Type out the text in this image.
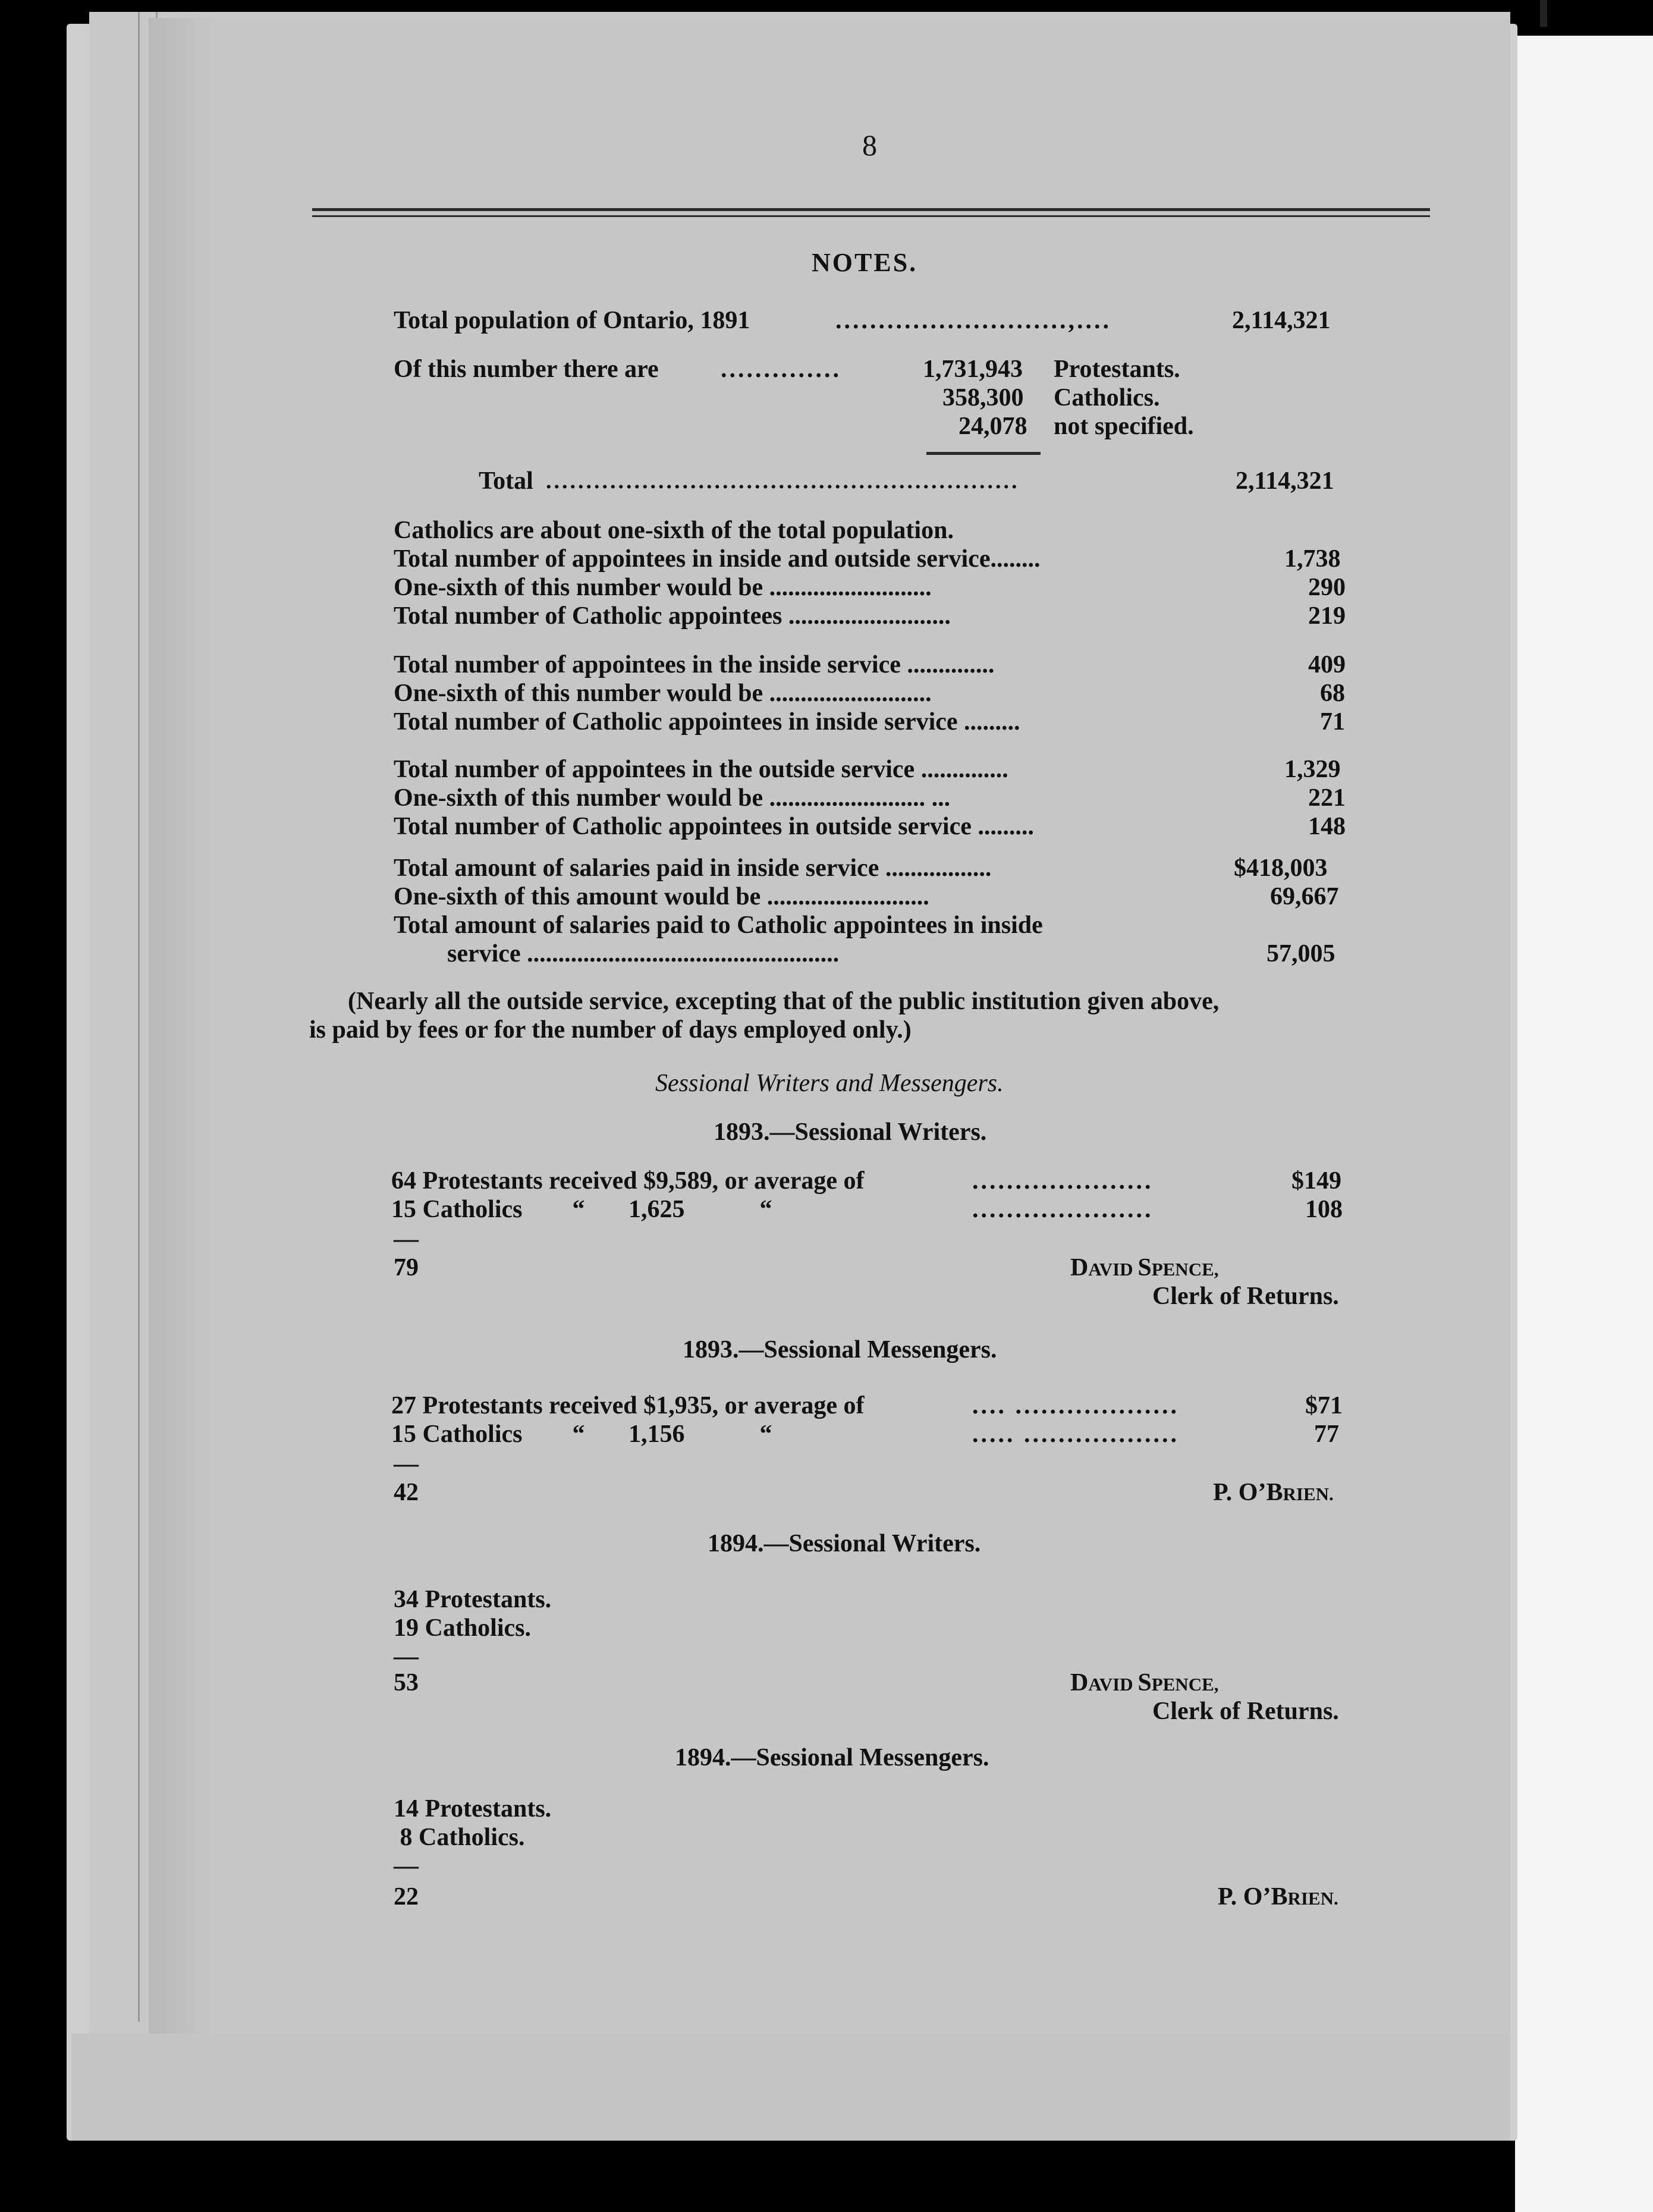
8
NOTES.
Total population of Ontario, 1891	...........................,....	2,114,321
Of this number there are ..............	1,731,943 Protestants.
358,300 Catholics.
24,078 not specified.
Total ...........................................................	2,114,321
Catholics are about one-sixth of the total population.
Total number of appointees in inside and outside service........	1,738
One-sixth of this number would be ..........................	290
Total number of Catholic appointees ..........................	219
Total number of appointees in the inside service ..............	409
One-sixth of this number would be ..........................	68
Total number of Catholic appointees in inside service .........	71
Total number of appointees in the outside service ..............	1,329
One-sixth of this number would be ......................... ...	221
Total number of Catholic appointees in outside service .........	148
Total amount of salaries paid in inside service .................	$418,003
One-sixth of this amount would be ..........................	69,667
Total amount of salaries paid to Catholic appointees in inside
service ..................................................	57,005
(Nearly all the outside service, excepting that of the public institution given above,
is paid by fees or for the number of days employed only.)
Sessional Writers and Messengers.
1893.—Sessional Writers.
64 Protestants received $9,589, or average of	.....................	$149
15 Catholics        “       1,625            “	.....................	108
—
79	DAVID SPENCE,
Clerk of Returns.
1893.—Sessional Messengers.
27 Protestants received $1,935, or average of	.... ...................	$71
15 Catholics        “       1,156            “	..... ..................	77
—
42	P. O’BRIEN.
1894.—Sessional Writers.
34 Protestants.
19 Catholics.
—
53	DAVID SPENCE,
Clerk of Returns.
1894.—Sessional Messengers.
14 Protestants.
8 Catholics.
—
22	P. O’BRIEN.
